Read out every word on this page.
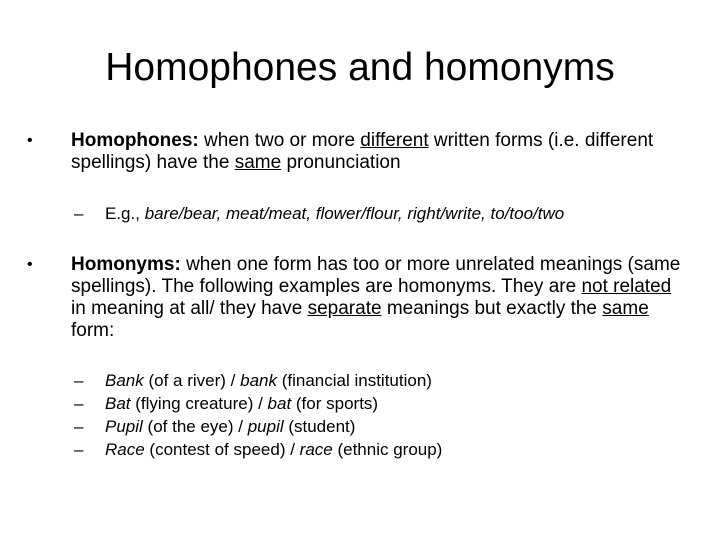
Homophones and homonyms
• Homophones: when two or more different written forms (i.e. different spellings) have the same pronunciation
– E.g., bare/bear, meat/meat, flower/flour, right/write, to/too/two
• Homonyms: when one form has too or more unrelated meanings (same spellings). The following examples are homonyms. They are not related in meaning at all/ they have separate meanings but exactly the same form:
– Bank (of a river) / bank (financial institution)
– Bat (flying creature) / bat (for sports)
– Pupil (of the eye) / pupil (student)
– Race (contest of speed) / race (ethnic group)
